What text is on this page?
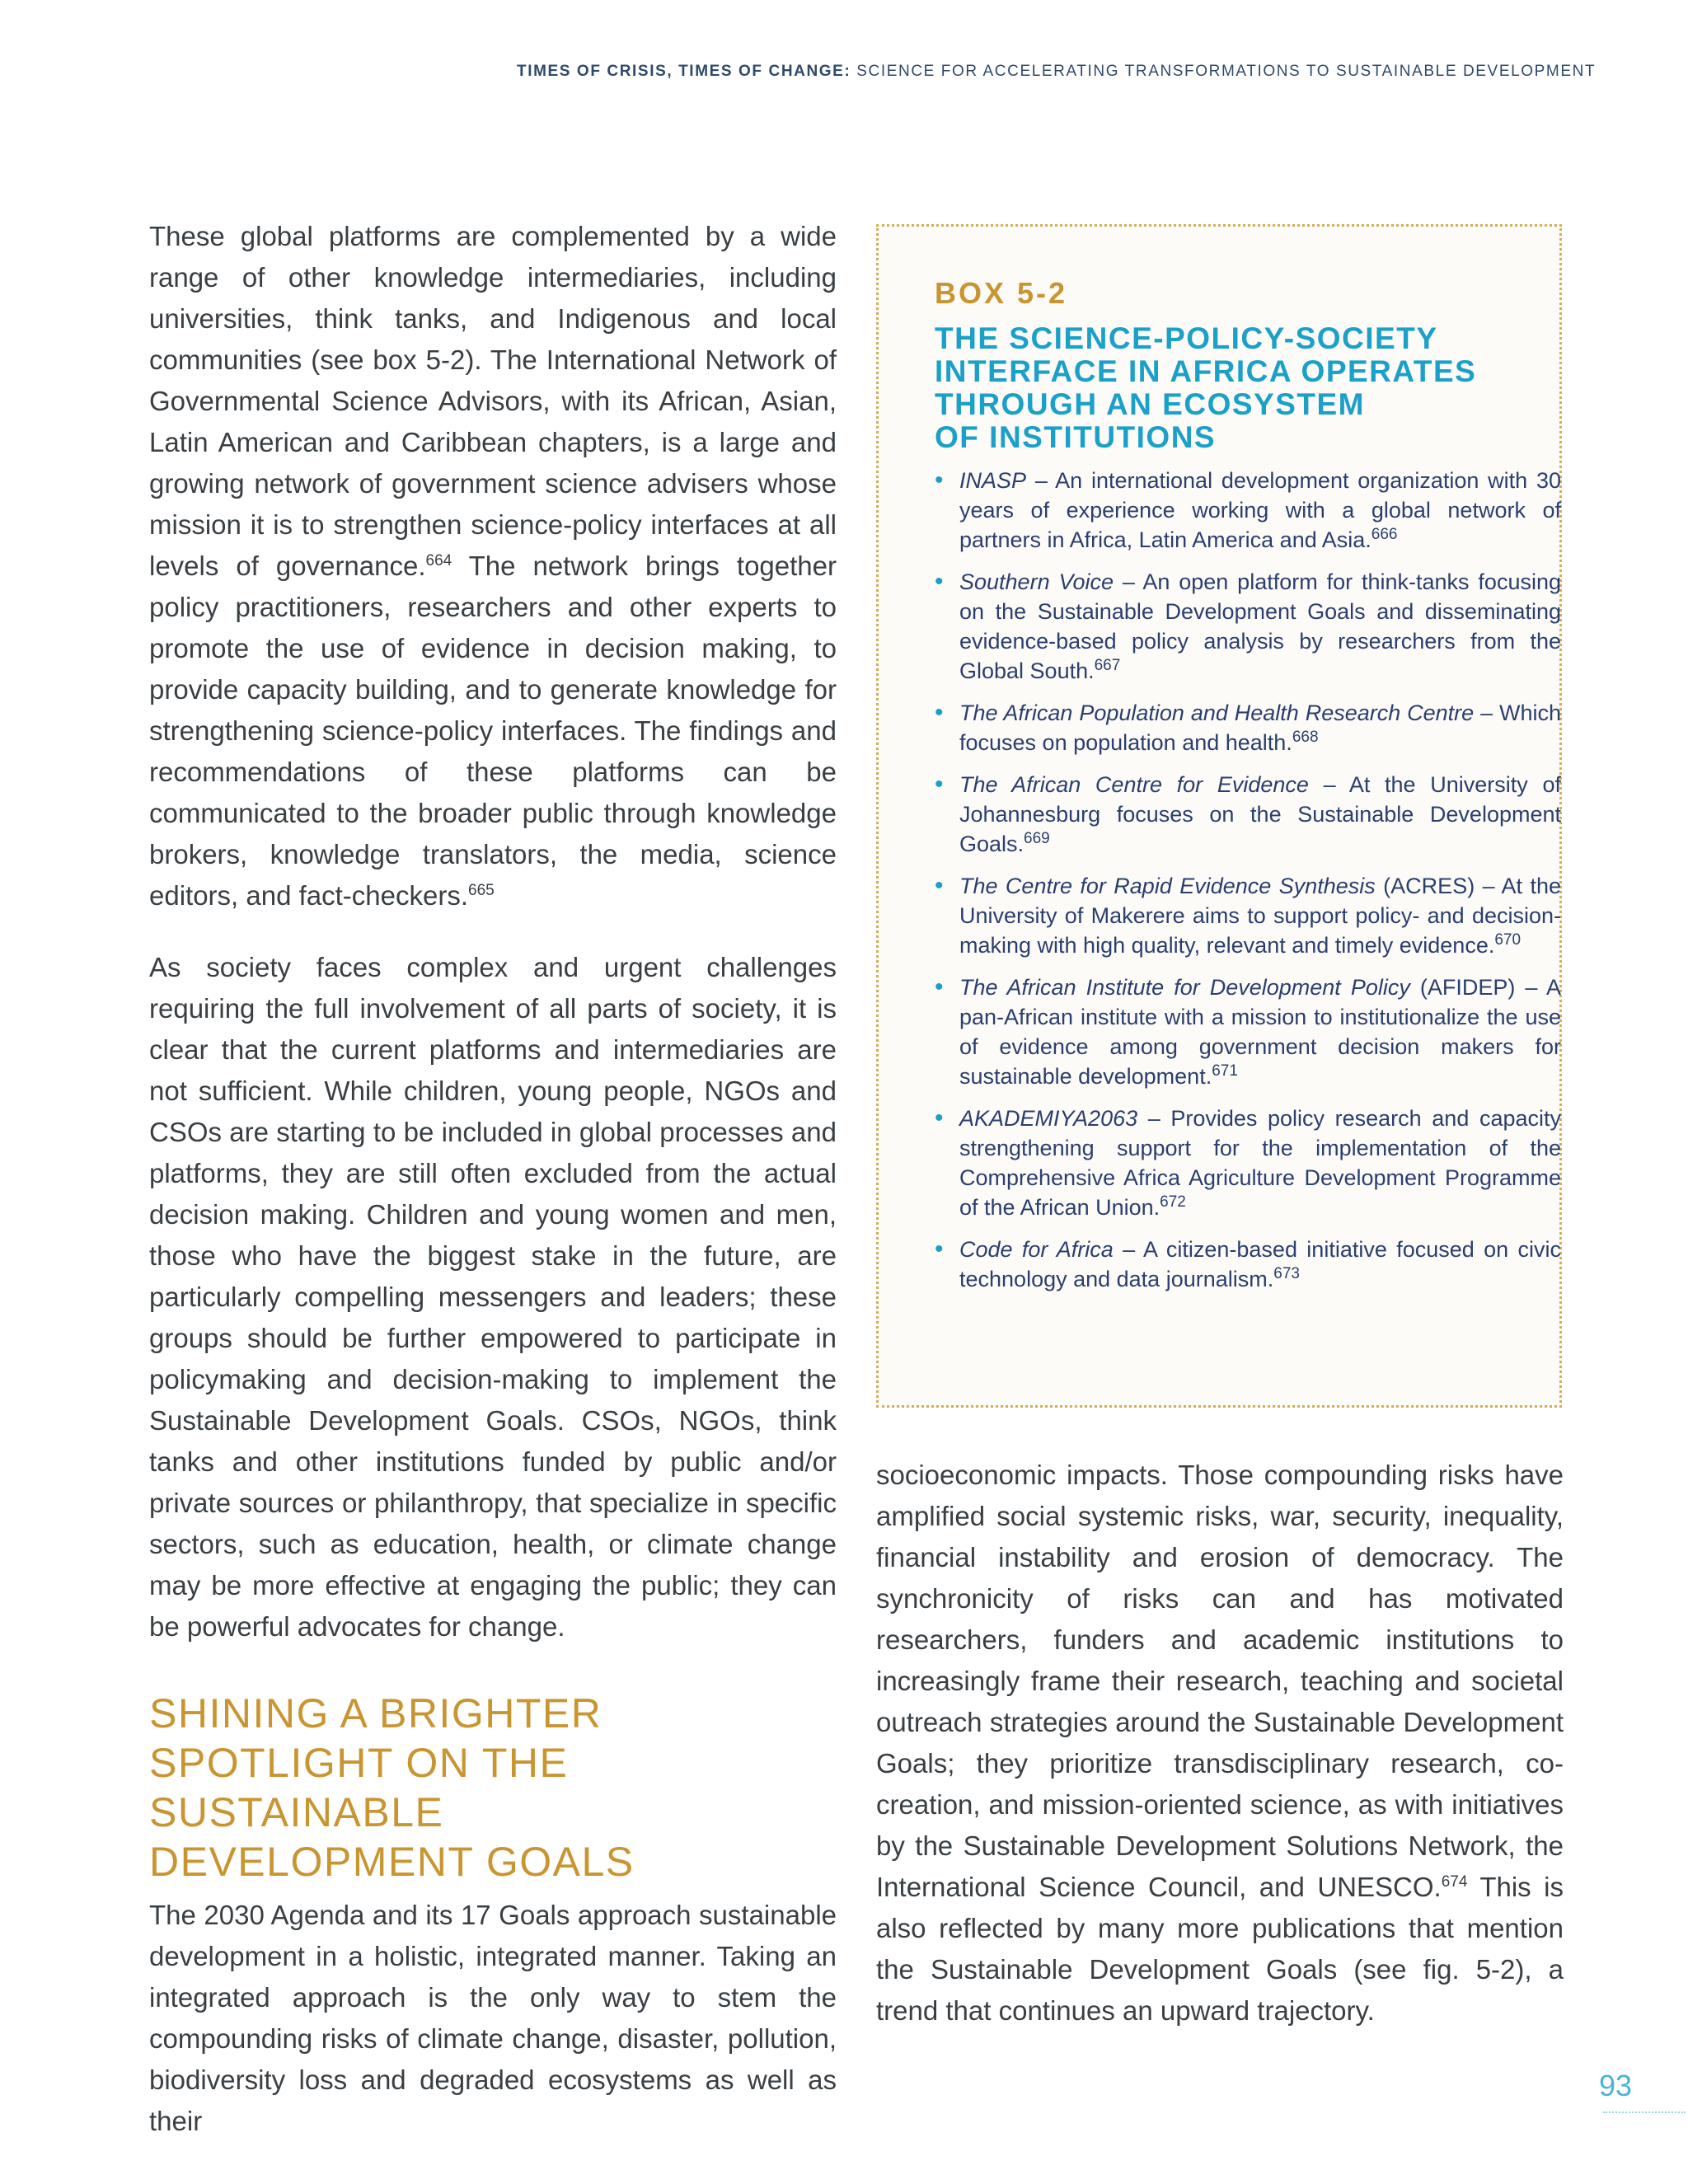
TIMES OF CRISIS, TIMES OF CHANGE: SCIENCE FOR ACCELERATING TRANSFORMATIONS TO SUSTAINABLE DEVELOPMENT

These global platforms are complemented by a wide range of other knowledge intermediaries, including universities, think tanks, and Indigenous and local communities (see box 5-2). The International Network of Governmental Science Advisors, with its African, Asian, Latin American and Caribbean chapters, is a large and growing network of government science advisers whose mission it is to strengthen science-policy interfaces at all levels of governance.$^{664}$ The network brings together policy practitioners, researchers and other experts to promote the use of evidence in decision making, to provide capacity building, and to generate knowledge for strengthening science-policy interfaces. The findings and recommendations of these platforms can be communicated to the broader public through knowledge brokers, knowledge translators, the media, science editors, and fact-checkers.$^{665}$

As society faces complex and urgent challenges requiring the full involvement of all parts of society, it is clear that the current platforms and intermediaries are not sufficient. While children, young people, NGOs and CSOs are starting to be included in global processes and platforms, they are still often excluded from the actual decision making. Children and young women and men, those who have the biggest stake in the future, are particularly compelling messengers and leaders; these groups should be further empowered to participate in policymaking and decision-making to implement the Sustainable Development Goals. CSOs, NGOs, think tanks and other institutions funded by public and/or private sources or philanthropy, that specialize in specific sectors, such as education, health, or climate change may be more effective at engaging the public; they can be powerful advocates for change.

SHINING A BRIGHTER
SPOTLIGHT ON THE SUSTAINABLE
DEVELOPMENT GOALS

The 2030 Agenda and its 17 Goals approach sustainable development in a holistic, integrated manner. Taking an integrated approach is the only way to stem the compounding risks of climate change, disaster, pollution, biodiversity loss and degraded ecosystems as well as their

BOX 5-2
THE SCIENCE-POLICY-SOCIETY
INTERFACE IN AFRICA OPERATES
THROUGH AN ECOSYSTEM
OF INSTITUTIONS
• INASP – An international development organization with 30 years of experience working with a global network of partners in Africa, Latin America and Asia.$^{666}$
• Southern Voice – An open platform for think-tanks focusing on the Sustainable Development Goals and disseminating evidence-based policy analysis by researchers from the Global South.$^{667}$
• The African Population and Health Research Centre – Which focuses on population and health.$^{668}$
• The African Centre for Evidence – At the University of Johannesburg focuses on the Sustainable Development Goals.$^{669}$
• The Centre for Rapid Evidence Synthesis (ACRES) – At the University of Makerere aims to support policy- and decision-making with high quality, relevant and timely evidence.$^{670}$
• The African Institute for Development Policy (AFIDEP) – A pan-African institute with a mission to institutionalize the use of evidence among government decision makers for sustainable development.$^{671}$
• AKADEMIYA2063 – Provides policy research and capacity strengthening support for the implementation of the Comprehensive Africa Agriculture Development Programme of the African Union.$^{672}$
• Code for Africa – A citizen-based initiative focused on civic technology and data journalism.$^{673}$

socioeconomic impacts. Those compounding risks have amplified social systemic risks, war, security, inequality, financial instability and erosion of democracy. The synchronicity of risks can and has motivated researchers, funders and academic institutions to increasingly frame their research, teaching and societal outreach strategies around the Sustainable Development Goals; they prioritize transdisciplinary research, co-creation, and mission-oriented science, as with initiatives by the Sustainable Development Solutions Network, the International Science Council, and UNESCO.$^{674}$ This is also reflected by many more publications that mention the Sustainable Development Goals (see fig. 5-2), a trend that continues an upward trajectory.

93
